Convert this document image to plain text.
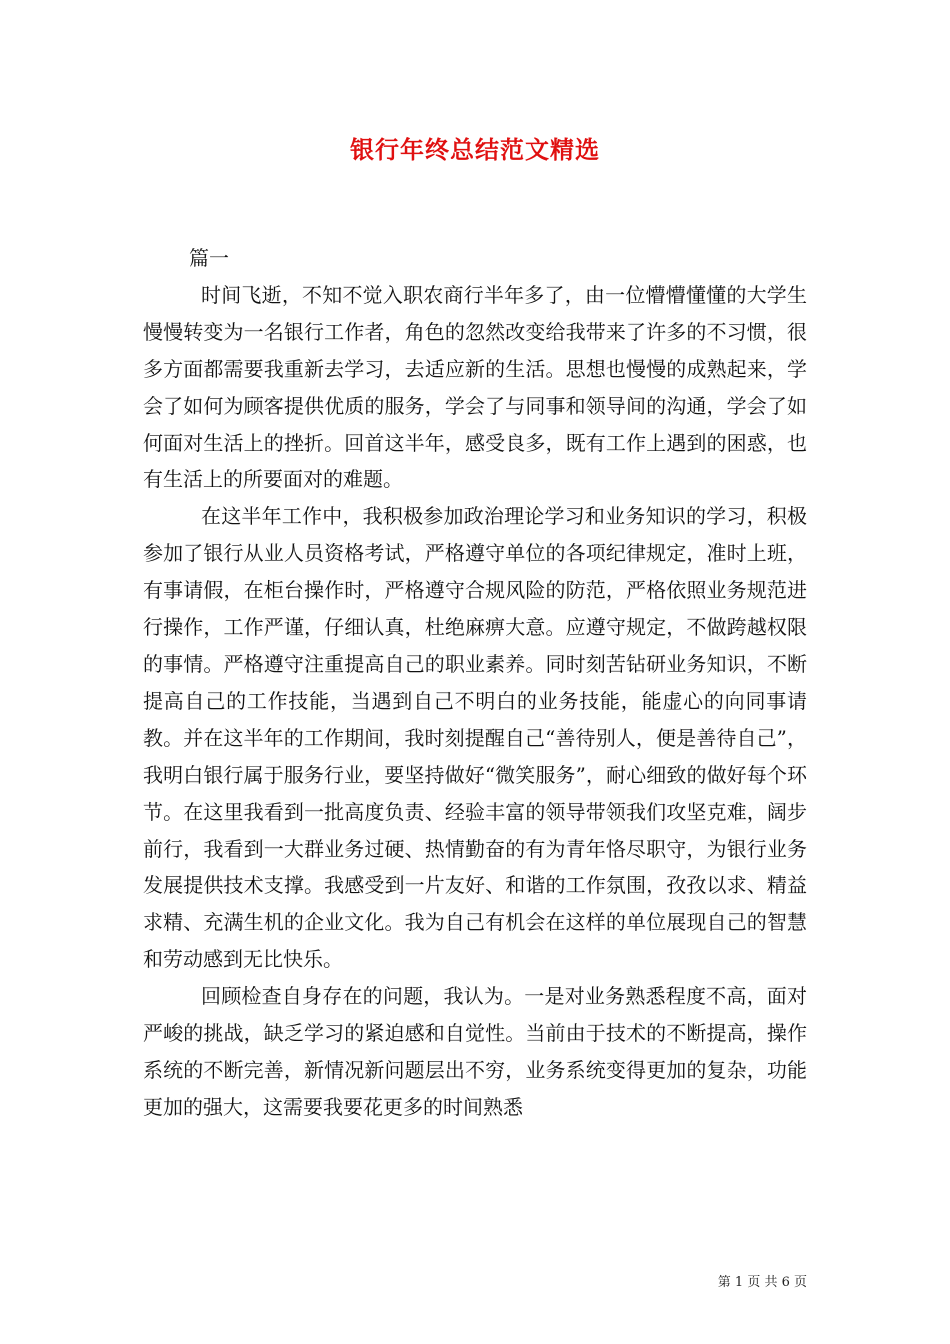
银行年终总结范文精选

篇一

时间飞逝，不知不觉入职农商行半年多了，由一位懵懵懂懂的大学生慢慢转变为一名银行工作者，角色的忽然改变给我带来了许多的不习惯，很多方面都需要我重新去学习，去适应新的生活。思想也慢慢的成熟起来，学会了如何为顾客提供优质的服务，学会了与同事和领导间的沟通，学会了如何面对生活上的挫折。回首这半年，感受良多，既有工作上遇到的困惑，也有生活上的所要面对的难题。

在这半年工作中，我积极参加政治理论学习和业务知识的学习，积极参加了银行从业人员资格考试，严格遵守单位的各项纪律规定，准时上班，有事请假，在柜台操作时，严格遵守合规风险的防范，严格依照业务规范进行操作，工作严谨，仔细认真，杜绝麻痹大意。应遵守规定，不做跨越权限的事情。严格遵守注重提高自己的职业素养。同时刻苦钻研业务知识，不断提高自己的工作技能，当遇到自己不明白的业务技能，能虚心的向同事请教。并在这半年的工作期间，我时刻提醒自己“善待别人，便是善待自己”，我明白银行属于服务行业，要坚持做好“微笑服务”，耐心细致的做好每个环节。在这里我看到一批高度负责、经验丰富的领导带领我们攻坚克难，阔步前行，我看到一大群业务过硬、热情勤奋的有为青年恪尽职守，为银行业务发展提供技术支撑。我感受到一片友好、和谐的工作氛围，孜孜以求、精益求精、充满生机的企业文化。我为自己有机会在这样的单位展现自己的智慧和劳动感到无比快乐。

回顾检查自身存在的问题，我认为。一是对业务熟悉程度不高，面对严峻的挑战，缺乏学习的紧迫感和自觉性。当前由于技术的不断提高，操作系统的不断完善，新情况新问题层出不穷，业务系统变得更加的复杂，功能更加的强大，这需要我要花更多的时间熟悉

第 1 页 共 6 页
